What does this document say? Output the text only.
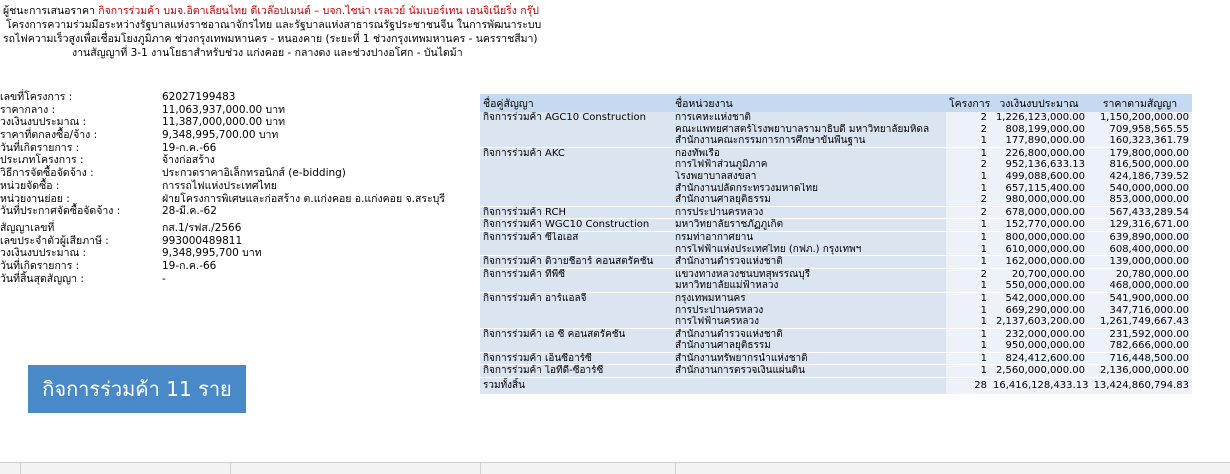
ผู้ชนะการเสนอราคา กิจการร่วมค้า บมจ.อิตาเลียนไทย ดีเวล๊อปเมนต์ – บจก.ไชน่า เรลเวย์ นัมเบอร์เทน เอนจิเนียริ่ง กรุ๊ป
โครงการความร่วมมือระหว่างรัฐบาลแห่งราชอาณาจักรไทย และรัฐบาลแห่งสาธารณรัฐประชาชนจีน ในการพัฒนาระบบ
รถไฟความเร็วสูงเพื่อเชื่อมโยงภูมิภาค ช่วงกรุงเทพมหานคร - หนองคาย (ระยะที่ 1 ช่วงกรุงเทพมหานคร - นครราชสีมา)
งานสัญญาที่ 3-1 งานโยธาสำหรับช่วง แก่งคอย - กลางดง และช่วงปางอโศก - บันไดม้า
เลขที่โครงการ :	62027199483
ราคากลาง :	11,063,937,000.00 บาท
วงเงินงบประมาณ :	11,387,000,000.00 บาท
ราคาที่ตกลงซื้อ/จ้าง :	9,348,995,700.00 บาท
วันที่เกิดรายการ :	19-ก.ค.-66
ประเภทโครงการ :	จ้างก่อสร้าง
วิธีการจัดซื้อจัดจ้าง :	ประกวดราคาอิเล็กทรอนิกส์ (e-bidding)
หน่วยจัดซื้อ :	การรถไฟแห่งประเทศไทย
หน่วยงานย่อย :	ฝ่ายโครงการพิเศษและก่อสร้าง ต.แก่งคอย อ.แก่งคอย จ.สระบุรี
วันที่ประกาศจัดซื้อจัดจ้าง :	28-มี.ค.-62
สัญญาเลขที่	กส.1/รฟส./2566
เลขประจำตัวผู้เสียภาษี :	993000489811
วงเงินงบประมาณ :	9,348,995,700 บาท
วันที่เกิดรายการ :	19-ก.ค.-66
วันที่สิ้นสุดสัญญา :	-
กิจการร่วมค้า 11 ราย
ชื่อคู่สัญญา	ชื่อหน่วยงาน	โครงการ	วงเงินงบประมาณ	ราคาตามสัญญา
กิจการร่วมค้า AGC10 Construction	การเคหะแห่งชาติ	2	1,226,123,000.00	1,150,200,000.00
	คณะแพทยศาสตร์โรงพยาบาลรามาธิบดี มหาวิทยาลัยมหิดล	2	808,199,000.00	709,958,565.55
	สำนักงานคณะกรรมการการศึกษาขั้นพื้นฐาน	1	177,890,000.00	160,323,361.79
กิจการร่วมค้า AKC	กองทัพเรือ	1	226,800,000.00	179,800,000.00
	การไฟฟ้าส่วนภูมิภาค	2	952,136,633.13	816,500,000.00
	โรงพยาบาลสงขลา	1	499,088,600.00	424,186,739.52
	สำนักงานปลัดกระทรวงมหาดไทย	1	657,115,400.00	540,000,000.00
	สำนักงานศาลยุติธรรม	2	980,000,000.00	853,000,000.00
กิจการร่วมค้า RCH	การประปานครหลวง	2	678,000,000.00	567,433,289.54
กิจการร่วมค้า WGC10 Construction	มหาวิทยาลัยราชภัฏภูเก็ต	1	152,770,000.00	129,316,671.00
กิจการร่วมค้า ซีไอเอส	กรมท่าอากาศยาน	1	800,000,000.00	639,890,000.00
	การไฟฟ้าแห่งประเทศไทย (กฟภ.) กรุงเทพฯ	1	610,000,000.00	608,400,000.00
กิจการร่วมค้า ดิวายชีอาร์ คอนสตรัคชั่น	สำนักงานตำรวจแห่งชาติ	1	162,000,000.00	139,000,000.00
กิจการร่วมค้า ทีพีซี	แขวงทางหลวงชนบทสุพรรณบุรี	2	20,700,000.00	20,780,000.00
	มหาวิทยาลัยแม่ฟ้าหลวง	1	550,000,000.00	468,000,000.00
กิจการร่วมค้า อาร์แอลจี	กรุงเทพมหานคร	1	542,000,000.00	541,900,000.00
	การประปานครหลวง	1	669,290,000.00	347,716,000.00
	การไฟฟ้านครหลวง	1	2,137,603,200.00	1,261,749,667.43
กิจการร่วมค้า เอ ซี คอนสตรัคชั่น	สำนักงานตำรวจแห่งชาติ	1	232,000,000.00	231,592,000.00
	สำนักงานศาลยุติธรรม	1	950,000,000.00	782,666,000.00
กิจการร่วมค้า เอ็นซีอาร์ซี	สำนักงานทรัพยากรน้ำแห่งชาติ	1	824,412,600.00	716,448,500.00
กิจการร่วมค้า ไอทีดี-ซีอาร์ซี	สำนักงานการตรวจเงินแผ่นดิน	1	2,560,000,000.00	2,136,000,000.00
รวมทั้งสิ้น		28	16,416,128,433.13	13,424,860,794.83
